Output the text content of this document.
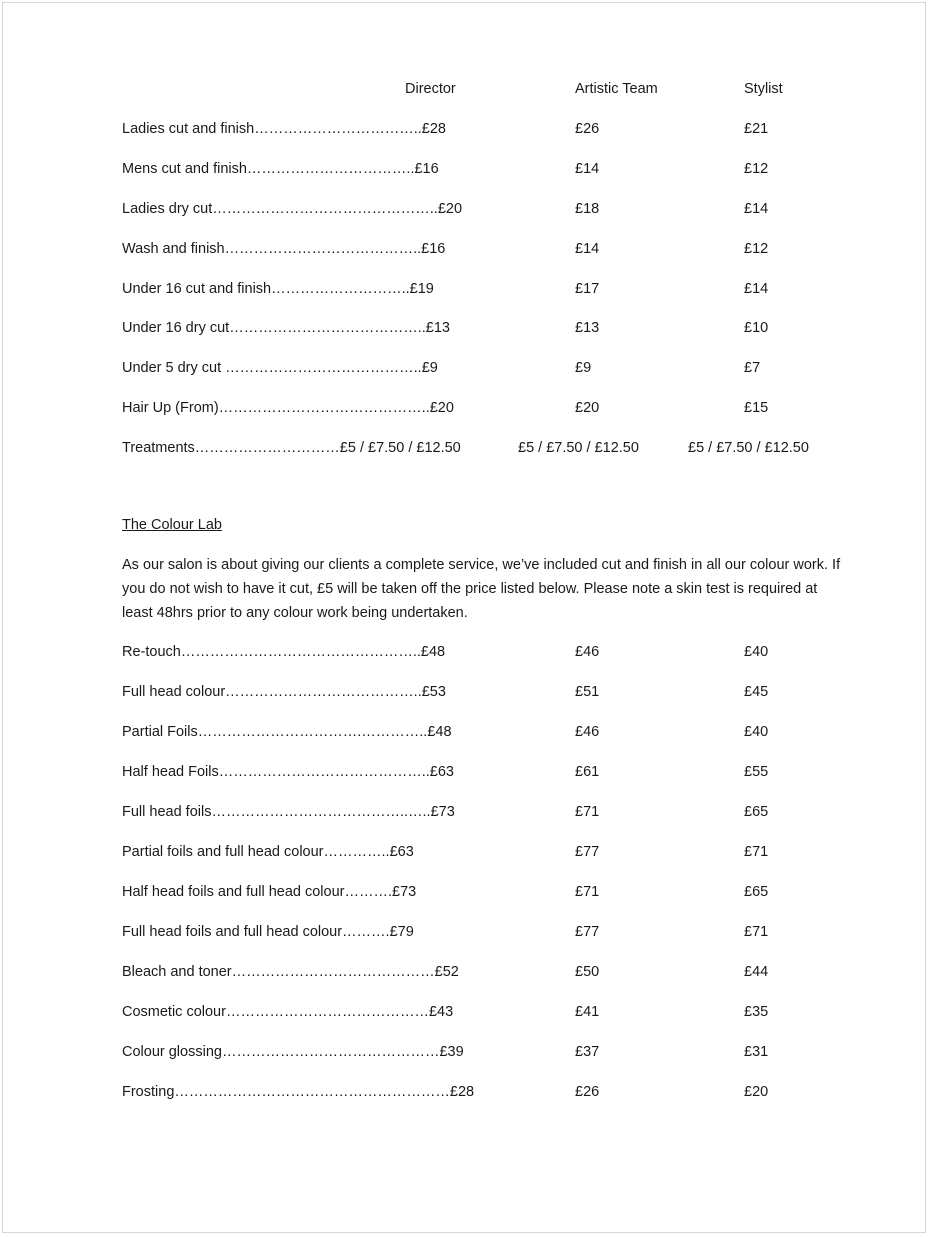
Director	Artistic Team	Stylist
Ladies cut and finish……………………………..£28	£26	£21
Mens cut and finish……………………………..£16	£14	£12
Ladies dry cut………………………………………..£20	£18	£14
Wash and finish…………………………………..£16	£14	£12
Under 16 cut and finish………………………..£19	£17	£14
Under 16 dry cut…………………………………..£13	£13	£10
Under 5 dry cut …………………………………..£9	£9	£7
Hair Up (From)……………………………………..£20	£20	£15
Treatments…………………………£5 / £7.50 / £12.50	£5 / £7.50 / £12.50	£5 / £7.50 / £12.50
The Colour Lab

As our salon is about giving our clients a complete service, we’ve included cut and finish in all our colour work. If you do not wish to have it cut, £5 will be taken off the price listed below. Please note a skin test is required at least 48hrs prior to any colour work being undertaken.

Re-touch…………………………………………..£48	£46	£40
Full head colour…………………………………..£53	£51	£45
Partial Foils…………………………….…………..£48	£46	£40
Half head Foils……………………………………..£63	£61	£55
Full head foils…………………………………..…..£73	£71	£65
Partial foils and full head colour…………..£63	£77	£71
Half head foils and full head colour……….£73	£71	£65
Full head foils and full head colour……….£79	£77	£71
Bleach and toner……………………………………£52	£50	£44
Cosmetic colour……………………………………£43	£41	£35
Colour glossing………………………………………£39	£37	£31
Frosting…………………………………………………£28	£26	£20
